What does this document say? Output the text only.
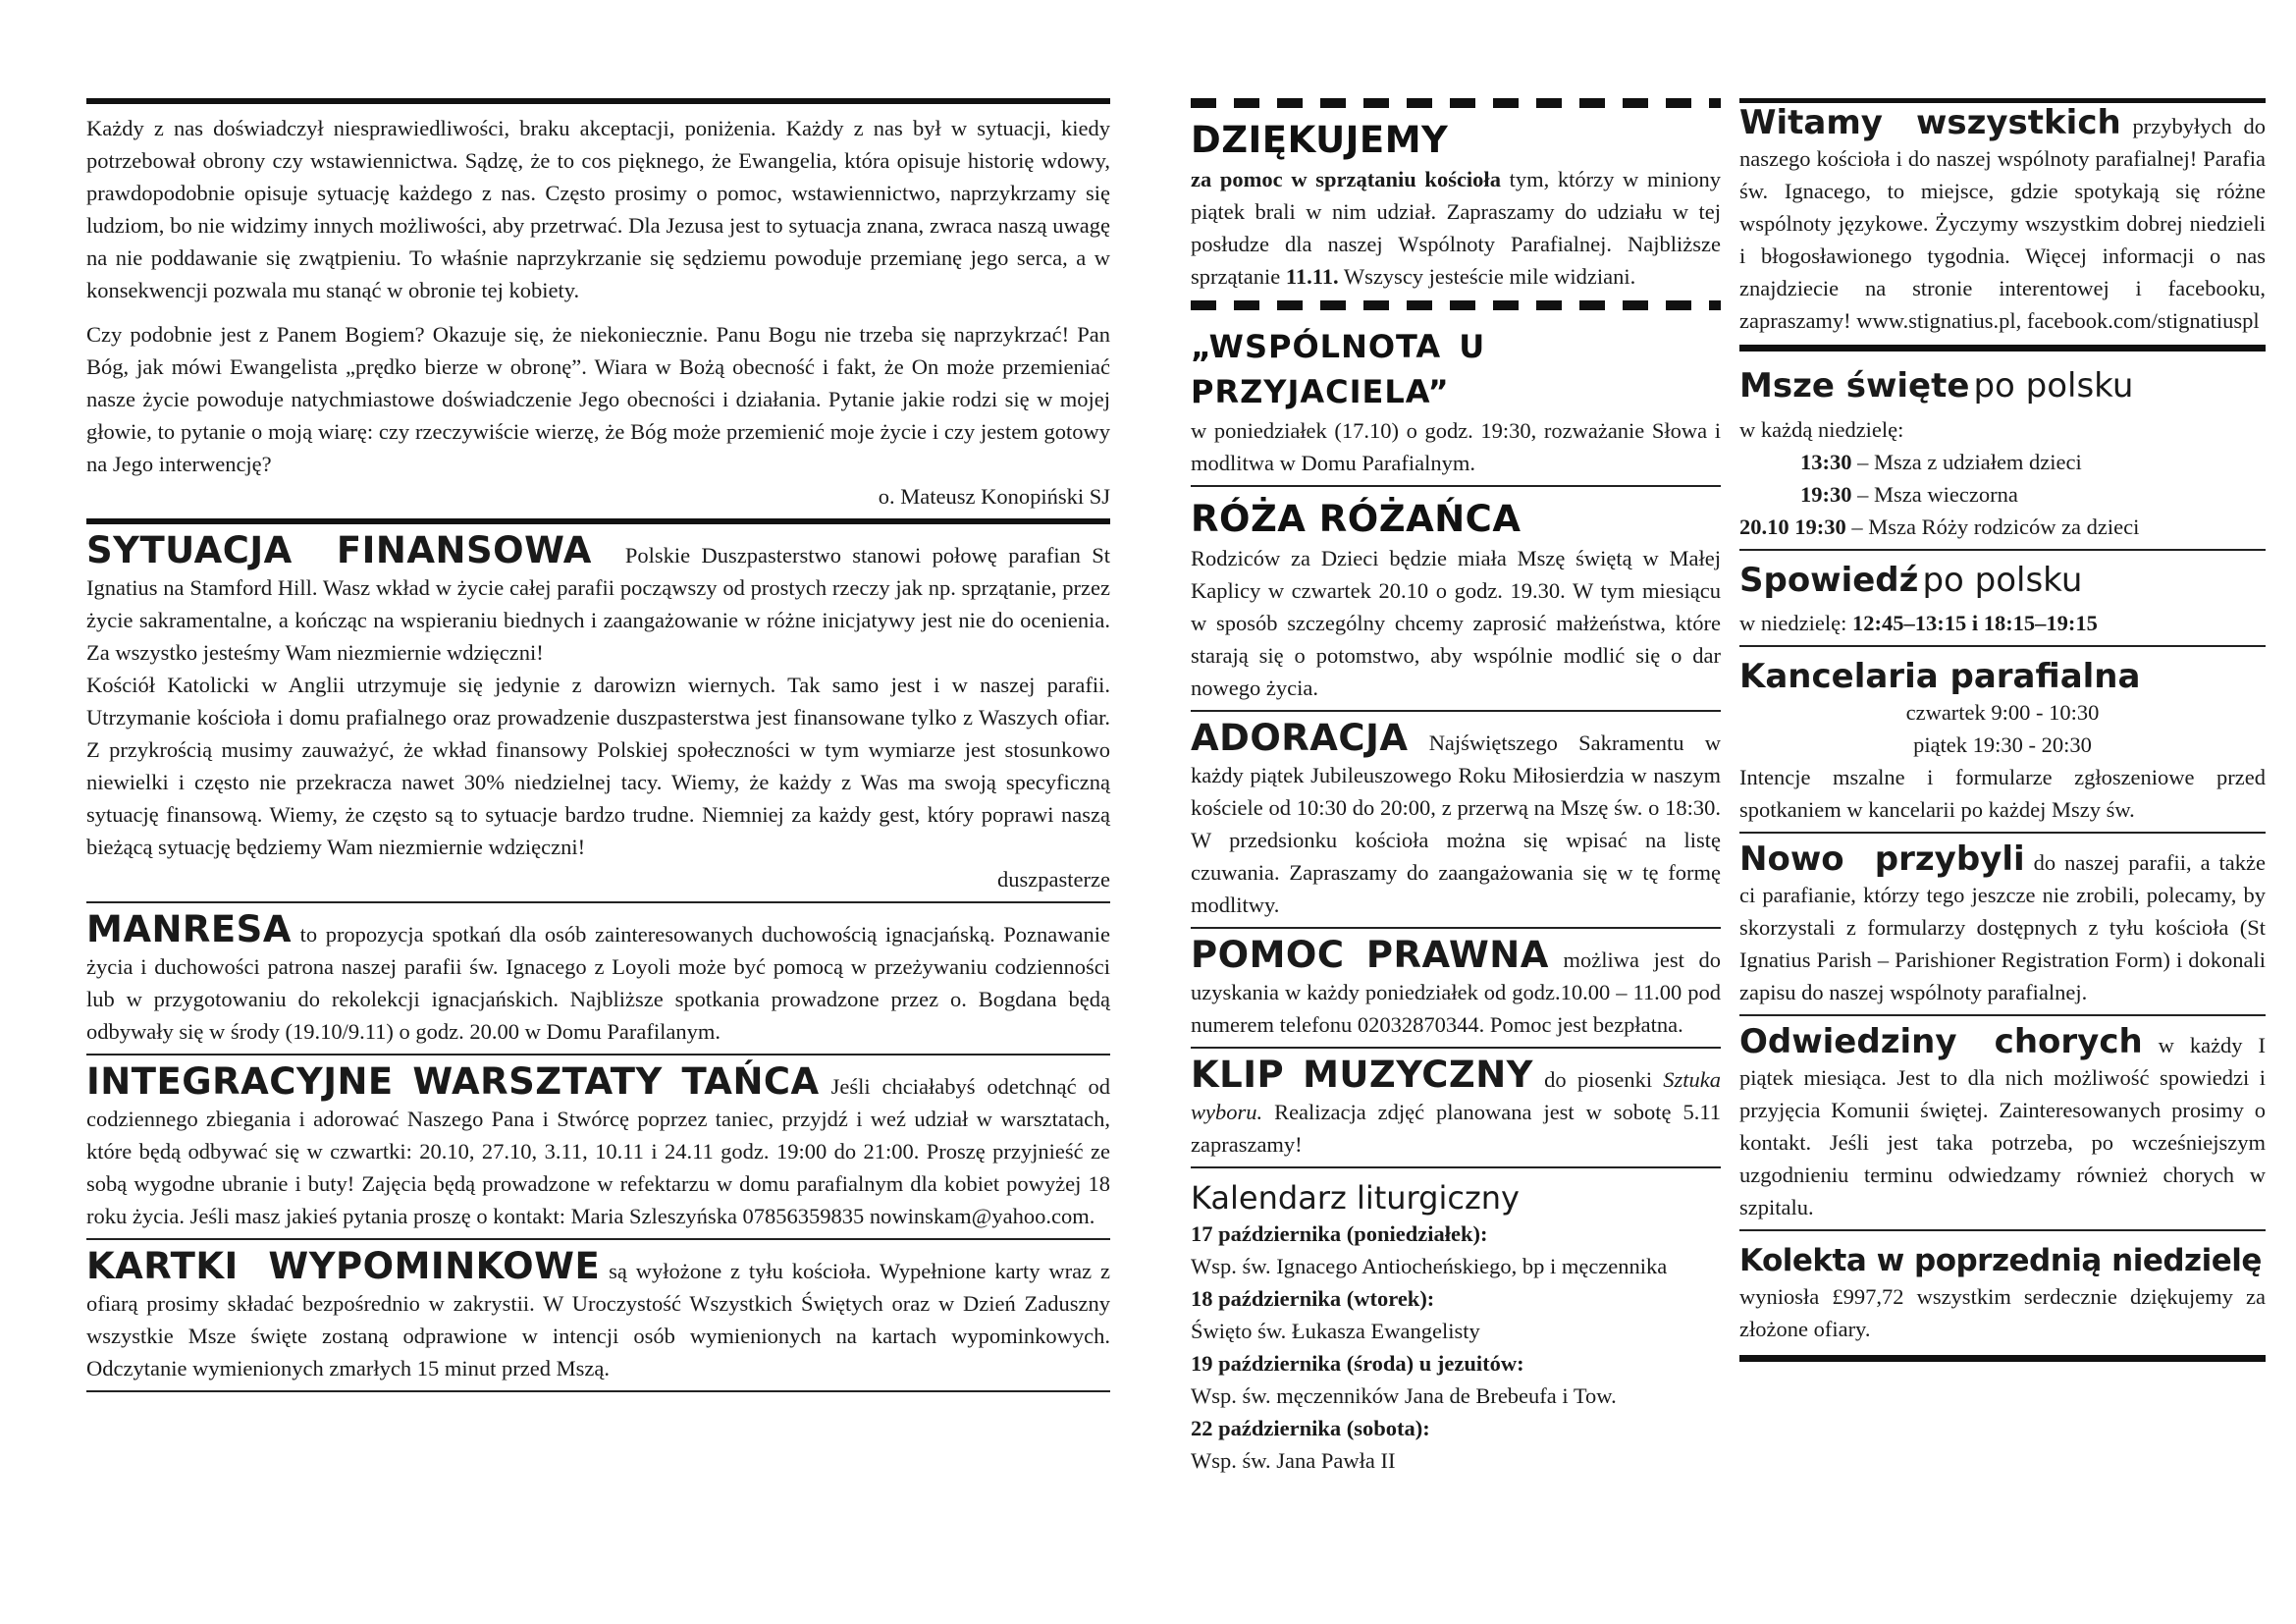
Każdy z nas doświadczył niesprawiedliwości, braku akceptacji, poniżenia. Każdy z nas był w sytuacji, kiedy potrzebował obrony czy wstawiennictwa. Sądzę, że to cos pięknego, że Ewangelia, która opisuje historię wdowy, prawdopodobnie opisuje sytuację każdego z nas. Często prosimy o pomoc, wstawiennictwo, naprzykrzamy się ludziom, bo nie widzimy innych możliwości, aby przetrwać. Dla Jezusa jest to sytuacja znana, zwraca naszą uwagę na nie poddawanie się zwątpieniu. To właśnie naprzykrzanie się sędziemu powoduje przemianę jego serca, a w konsekwencji pozwala mu stanąć w obronie tej kobiety.

Czy podobnie jest z Panem Bogiem? Okazuje się, że niekoniecznie. Panu Bogu nie trzeba się naprzykrzać! Pan Bóg, jak mówi Ewangelista „prędko bierze w obronę”. Wiara w Bożą obecność i fakt, że On może przemieniać nasze życie powoduje natychmiastowe doświadczenie Jego obecności i działania. Pytanie jakie rodzi się w mojej głowie, to pytanie o moją wiarę: czy rzeczywiście wierzę, że Bóg może przemienić moje życie i czy jestem gotowy na Jego interwencję?

o. Mateusz Konopiński SJ

SYTUACJA FINANSOWA Polskie Duszpasterstwo stanowi połowę parafian St Ignatius na Stamford Hill. Wasz wkład w życie całej parafii począwszy od prostych rzeczy jak np. sprzątanie, przez życie sakramentalne, a kończąc na wspieraniu biednych i zaangażowanie w różne inicjatywy jest nie do ocenienia. Za wszystko jesteśmy Wam niezmiernie wdzięczni!

Kościół Katolicki w Anglii utrzymuje się jedynie z darowizn wiernych. Tak samo jest i w naszej parafii. Utrzymanie kościoła i domu prafialnego oraz prowadzenie duszpasterstwa jest finansowane tylko z Waszych ofiar. Z przykrością musimy zauważyć, że wkład finansowy Polskiej społeczności w tym wymiarze jest stosunkowo niewielki i często nie przekracza nawet 30% niedzielnej tacy. Wiemy, że każdy z Was ma swoją specyficzną sytuację finansową. Wiemy, że często są to sytuacje bardzo trudne. Niemniej za każdy gest, który poprawi naszą bieżącą sytuację będziemy Wam niezmiernie wdzięczni!

duszpasterze

MANRESA to propozycja spotkań dla osób zainteresowanych duchowością ignacjańską. Poznawanie życia i duchowości patrona naszej parafii św. Ignacego z Loyoli może być pomocą w przeżywaniu codzienności lub w przygotowaniu do rekolekcji ignacjańskich. Najbliższe spotkania prowadzone przez o. Bogdana będą odbywały się w środy (19.10/9.11) o godz. 20.00 w Domu Parafilanym.

INTEGRACYJNE WARSZTATY TAŃCA Jeśli chciałabyś odetchnąć od codziennego zbiegania i adorować Naszego Pana i Stwórcę poprzez taniec, przyjdź i weź udział w warsztatach, które będą odbywać się w czwartki: 20.10, 27.10, 3.11, 10.11 i 24.11 godz. 19:00 do 21:00. Proszę przyjnieść ze sobą wygodne ubranie i buty! Zajęcia będą prowadzone w refektarzu w domu parafialnym dla kobiet powyżej 18 roku życia. Jeśli masz jakieś pytania proszę o kontakt: Maria Szleszyńska 07856359835 nowinskam@yahoo.com.

KARTKI WYPOMINKOWE są wyłożone z tyłu kościoła. Wypełnione karty wraz z ofiarą prosimy składać bezpośrednio w zakrystii. W Uroczystość Wszystkich Świętych oraz w Dzień Zaduszny wszystkie Msze święte zostaną odprawione w intencji osób wymienionych na kartach wypominkowych. Odczytanie wymienionych zmarłych 15 minut przed Mszą.

DZIĘKUJEMY

za pomoc w sprzątaniu kościoła tym, którzy w miniony piątek brali w nim udział. Zapraszamy do udziału w tej posłudze dla naszej Wspólnoty Parafialnej. Najbliższe sprzątanie 11.11. Wszyscy jesteście mile widziani.

„WSPÓLNOTA U PRZYJACIELA”

w poniedziałek (17.10) o godz. 19:30, rozważanie Słowa i modlitwa w Domu Parafialnym.

RÓŻA RÓŻAŃCA

Rodziców za Dzieci będzie miała Mszę świętą w Małej Kaplicy w czwartek 20.10 o godz. 19.30. W tym miesiącu w sposób szczególny chcemy zaprosić małżeństwa, które starają się o potomstwo, aby wspólnie modlić się o dar nowego życia.

ADORACJA Najświętszego Sakramentu w każdy piątek Jubileuszowego Roku Miłosierdzia w naszym kościele od 10:30 do 20:00, z przerwą na Mszę św. o 18:30. W przedsionku kościoła można się wpisać na listę czuwania. Zapraszamy do zaangażowania się w tę formę modlitwy.

POMOC PRAWNA możliwa jest do uzyskania w każdy poniedziałek od godz.10.00 – 11.00 pod numerem telefonu 02032870344. Pomoc jest bezpłatna.

KLIP MUZYCZNY do piosenki Sztuka wyboru. Realizacja zdjęć planowana jest w sobotę 5.11 zapraszamy!

Kalendarz liturgiczny
17 października (poniedziałek):
Wsp. św. Ignacego Antiocheńskiego, bp i męczennika
18 października (wtorek):
Święto św. Łukasza Ewangelisty
19 października (środa) u jezuitów:
Wsp. św. męczenników Jana de Brebeufa i Tow.
22 października (sobota):
Wsp. św. Jana Pawła II

Witamy wszystkich przybyłych do naszego kościoła i do naszej wspólnoty parafialnej! Parafia św. Ignacego, to miejsce, gdzie spotykają się różne wspólnoty językowe. Życzymy wszystkim dobrej niedzieli i błogosławionego tygodnia. Więcej informacji o nas znajdziecie na stronie interentowej i facebooku, zapraszamy! www.stignatius.pl, facebook.com/stignatiuspl

Msze święte po polsku
w każdą niedzielę:
13:30 – Msza z udziałem dzieci
19:30 – Msza wieczorna
20.10 19:30 – Msza Róży rodziców za dzieci
Spowiedź po polsku
w niedzielę: 12:45–13:15 i 18:15–19:15
Kancelaria parafialna
czwartek 9:00 - 10:30
piątek 19:30 - 20:30

Intencje mszalne i formularze zgłoszeniowe przed spotkaniem w kancelarii po każdej Mszy św.

Nowo przybyli do naszej parafii, a także ci parafianie, którzy tego jeszcze nie zrobili, polecamy, by skorzystali z formularzy dostępnych z tyłu kościoła (St Ignatius Parish – Parishioner Registration Form) i dokonali zapisu do naszej wspólnoty parafialnej.

Odwiedziny chorych w każdy I piątek miesiąca. Jest to dla nich możliwość spowiedzi i przyjęcia Komunii świętej. Zainteresowanych prosimy o kontakt. Jeśli jest taka potrzeba, po wcześniejszym uzgodnieniu terminu odwiedzamy również chorych w szpitalu.

Kolekta w poprzednią niedzielę

wyniosła £997,72 wszystkim serdecznie dziękujemy za złożone ofiary.
